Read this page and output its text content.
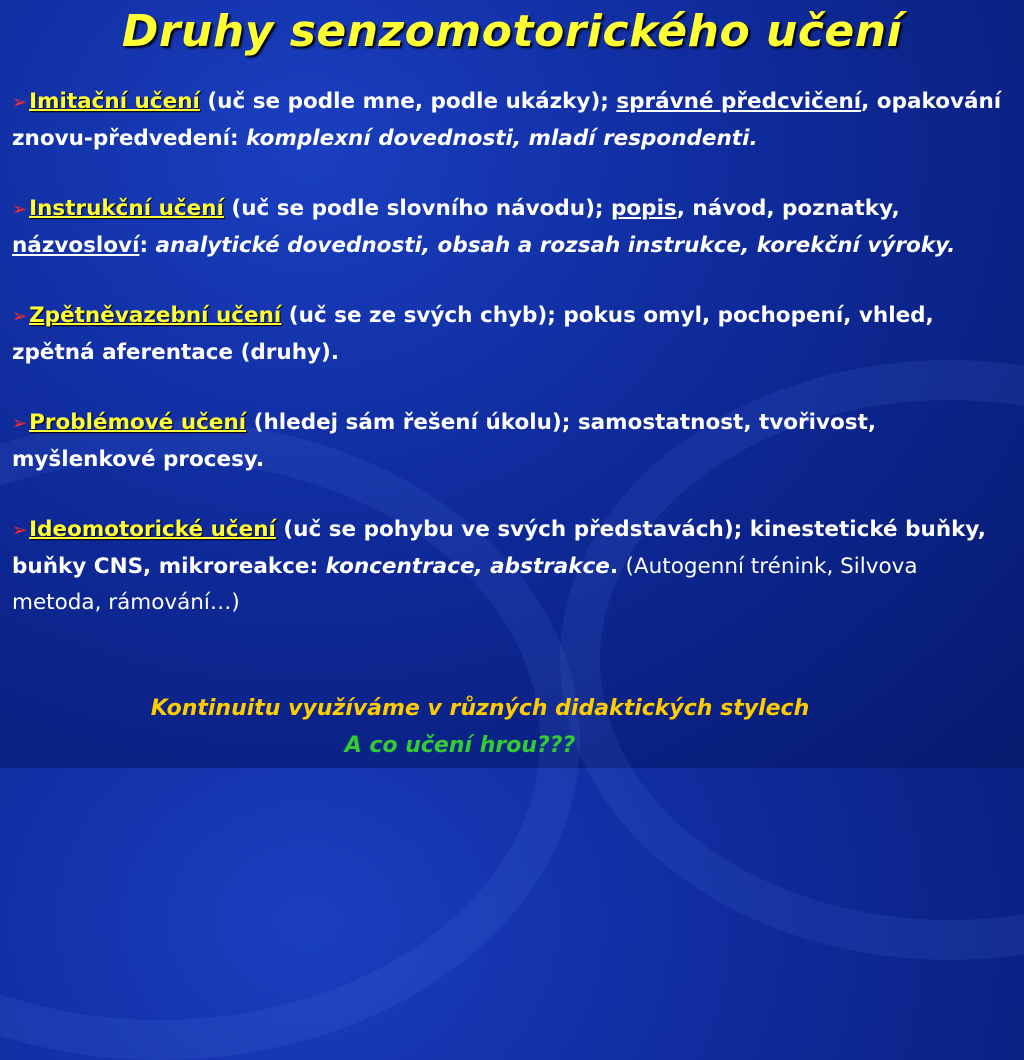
Druhy senzomotorického učení
➢Imitační učení (uč se podle mne, podle ukázky); správné předcvičení, opakování znovu-předvedení: komplexní dovednosti, mladí respondenti.
➢Instrukční učení (uč se podle slovního návodu); popis, návod, poznatky, názvosloví: analytické dovednosti, obsah a rozsah instrukce, korekční výroky.
➢Zpětněvazební učení (uč se ze svých chyb); pokus omyl, pochopení, vhled, zpětná aferentace (druhy).
➢Problémové učení (hledej sám řešení úkolu); samostatnost, tvořivost, myšlenkové procesy.
➢Ideomotorické učení (uč se pohybu ve svých představách); kinestetické buňky, buňky CNS, mikroreakce: koncentrace, abstrakce. (Autogenní trénink, Silvova metoda, rámování…)
Kontinuitu využíváme v různých didaktických stylech
A co učení hrou???
